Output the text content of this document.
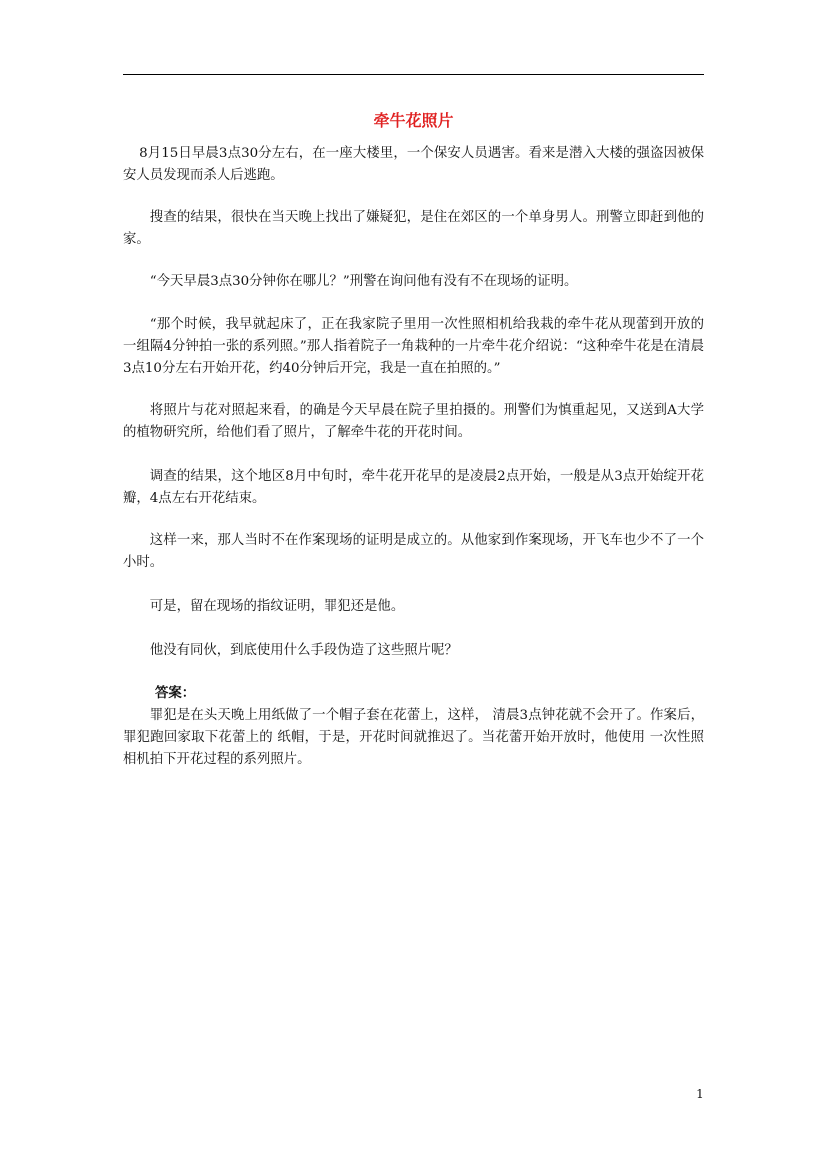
牵牛花照片

8月15日早晨3点30分左右，在一座大楼里，一个保安人员遇害。看来是潜入大楼的强盗因被保安人员发现而杀人后逃跑。

搜查的结果，很快在当天晚上找出了嫌疑犯，是住在郊区的一个单身男人。刑警立即赶到他的家。

“今天早晨3点30分钟你在哪儿？”刑警在询问他有没有不在现场的证明。

“那个时候，我早就起床了，正在我家院子里用一次性照相机给我栽的牵牛花从现蕾到开放的一组隔4分钟拍一张的系列照。”那人指着院子一角栽种的一片牵牛花介绍说：“这种牵牛花是在清晨3点10分左右开始开花，约40分钟后开完，我是一直在拍照的。”

将照片与花对照起来看，的确是今天早晨在院子里拍摄的。刑警们为慎重起见，又送到A大学的植物研究所，给他们看了照片，了解牵牛花的开花时间。

调查的结果，这个地区8月中旬时，牵牛花开花早的是凌晨2点开始，一般是从3点开始绽开花瓣，4点左右开花结束。

这样一来，那人当时不在作案现场的证明是成立的。从他家到作案现场，开飞车也少不了一个小时。

可是，留在现场的指纹证明，罪犯还是他。

他没有同伙，到底使用什么手段伪造了这些照片呢？

答案：

罪犯是在头天晚上用纸做了一个帽子套在花蕾上，这样， 清晨3点钟花就不会开了。作案后，罪犯跑回家取下花蕾上的 纸帽，于是，开花时间就推迟了。当花蕾开始开放时，他使用 一次性照相机拍下开花过程的系列照片。

1
